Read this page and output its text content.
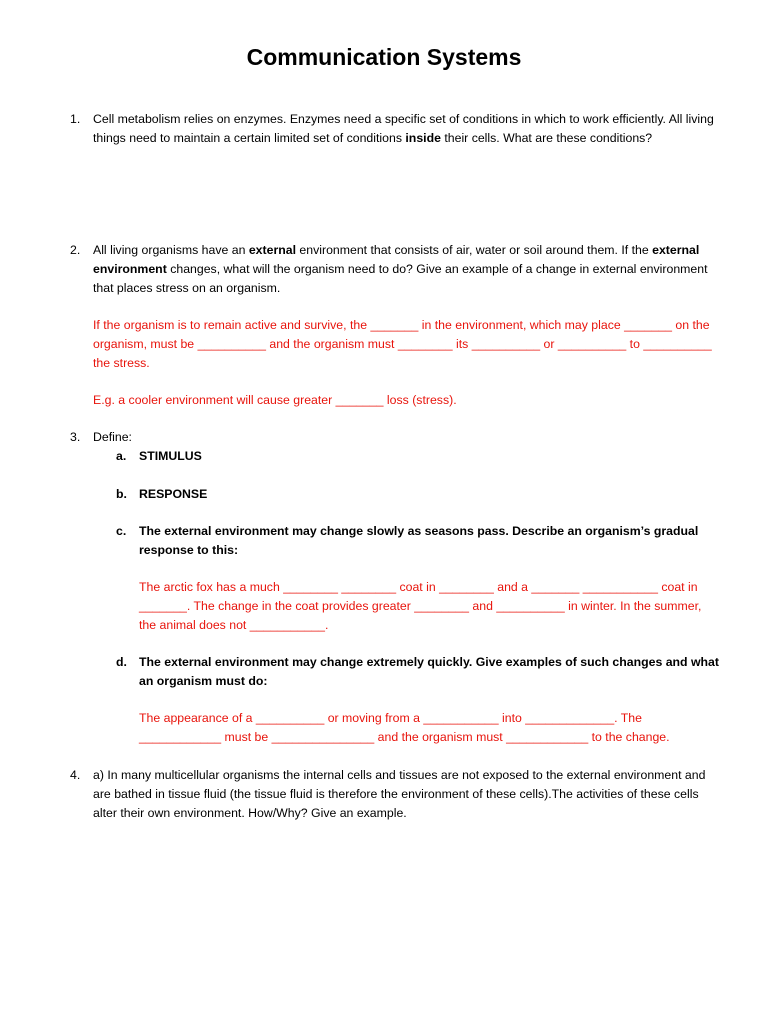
Communication Systems
1. Cell metabolism relies on enzymes. Enzymes need a specific set of conditions in which to work efficiently. All living things need to maintain a certain limited set of conditions inside their cells. What are these conditions?

2. All living organisms have an external environment that consists of air, water or soil around them. If the external environment changes, what will the organism need to do? Give an example of a change in external environment that places stress on an organism.

If the organism is to remain active and survive, the _______ in the environment, which may place _______ on the organism, must be __________ and the organism must ________ its __________ or __________ to __________ the stress.

E.g. a cooler environment will cause greater _______ loss (stress).

3. Define:

a. STIMULUS

b. RESPONSE

c. The external environment may change slowly as seasons pass. Describe an organism’s gradual response to this:

The arctic fox has a much ________ ________ coat in ________ and a _______ ___________ coat in _______. The change in the coat provides greater ________ and __________ in winter. In the summer, the animal does not ___________.

d. The external environment may change extremely quickly. Give examples of such changes and what an organism must do:

The appearance of a __________ or moving from a ___________ into _____________. The ____________ must be _______________ and the organism must ____________ to the change.

4. a) In many multicellular organisms the internal cells and tissues are not exposed to the external environment and are bathed in tissue fluid (the tissue fluid is therefore the environment of these cells).The activities of these cells alter their own environment. How/Why? Give an example.
